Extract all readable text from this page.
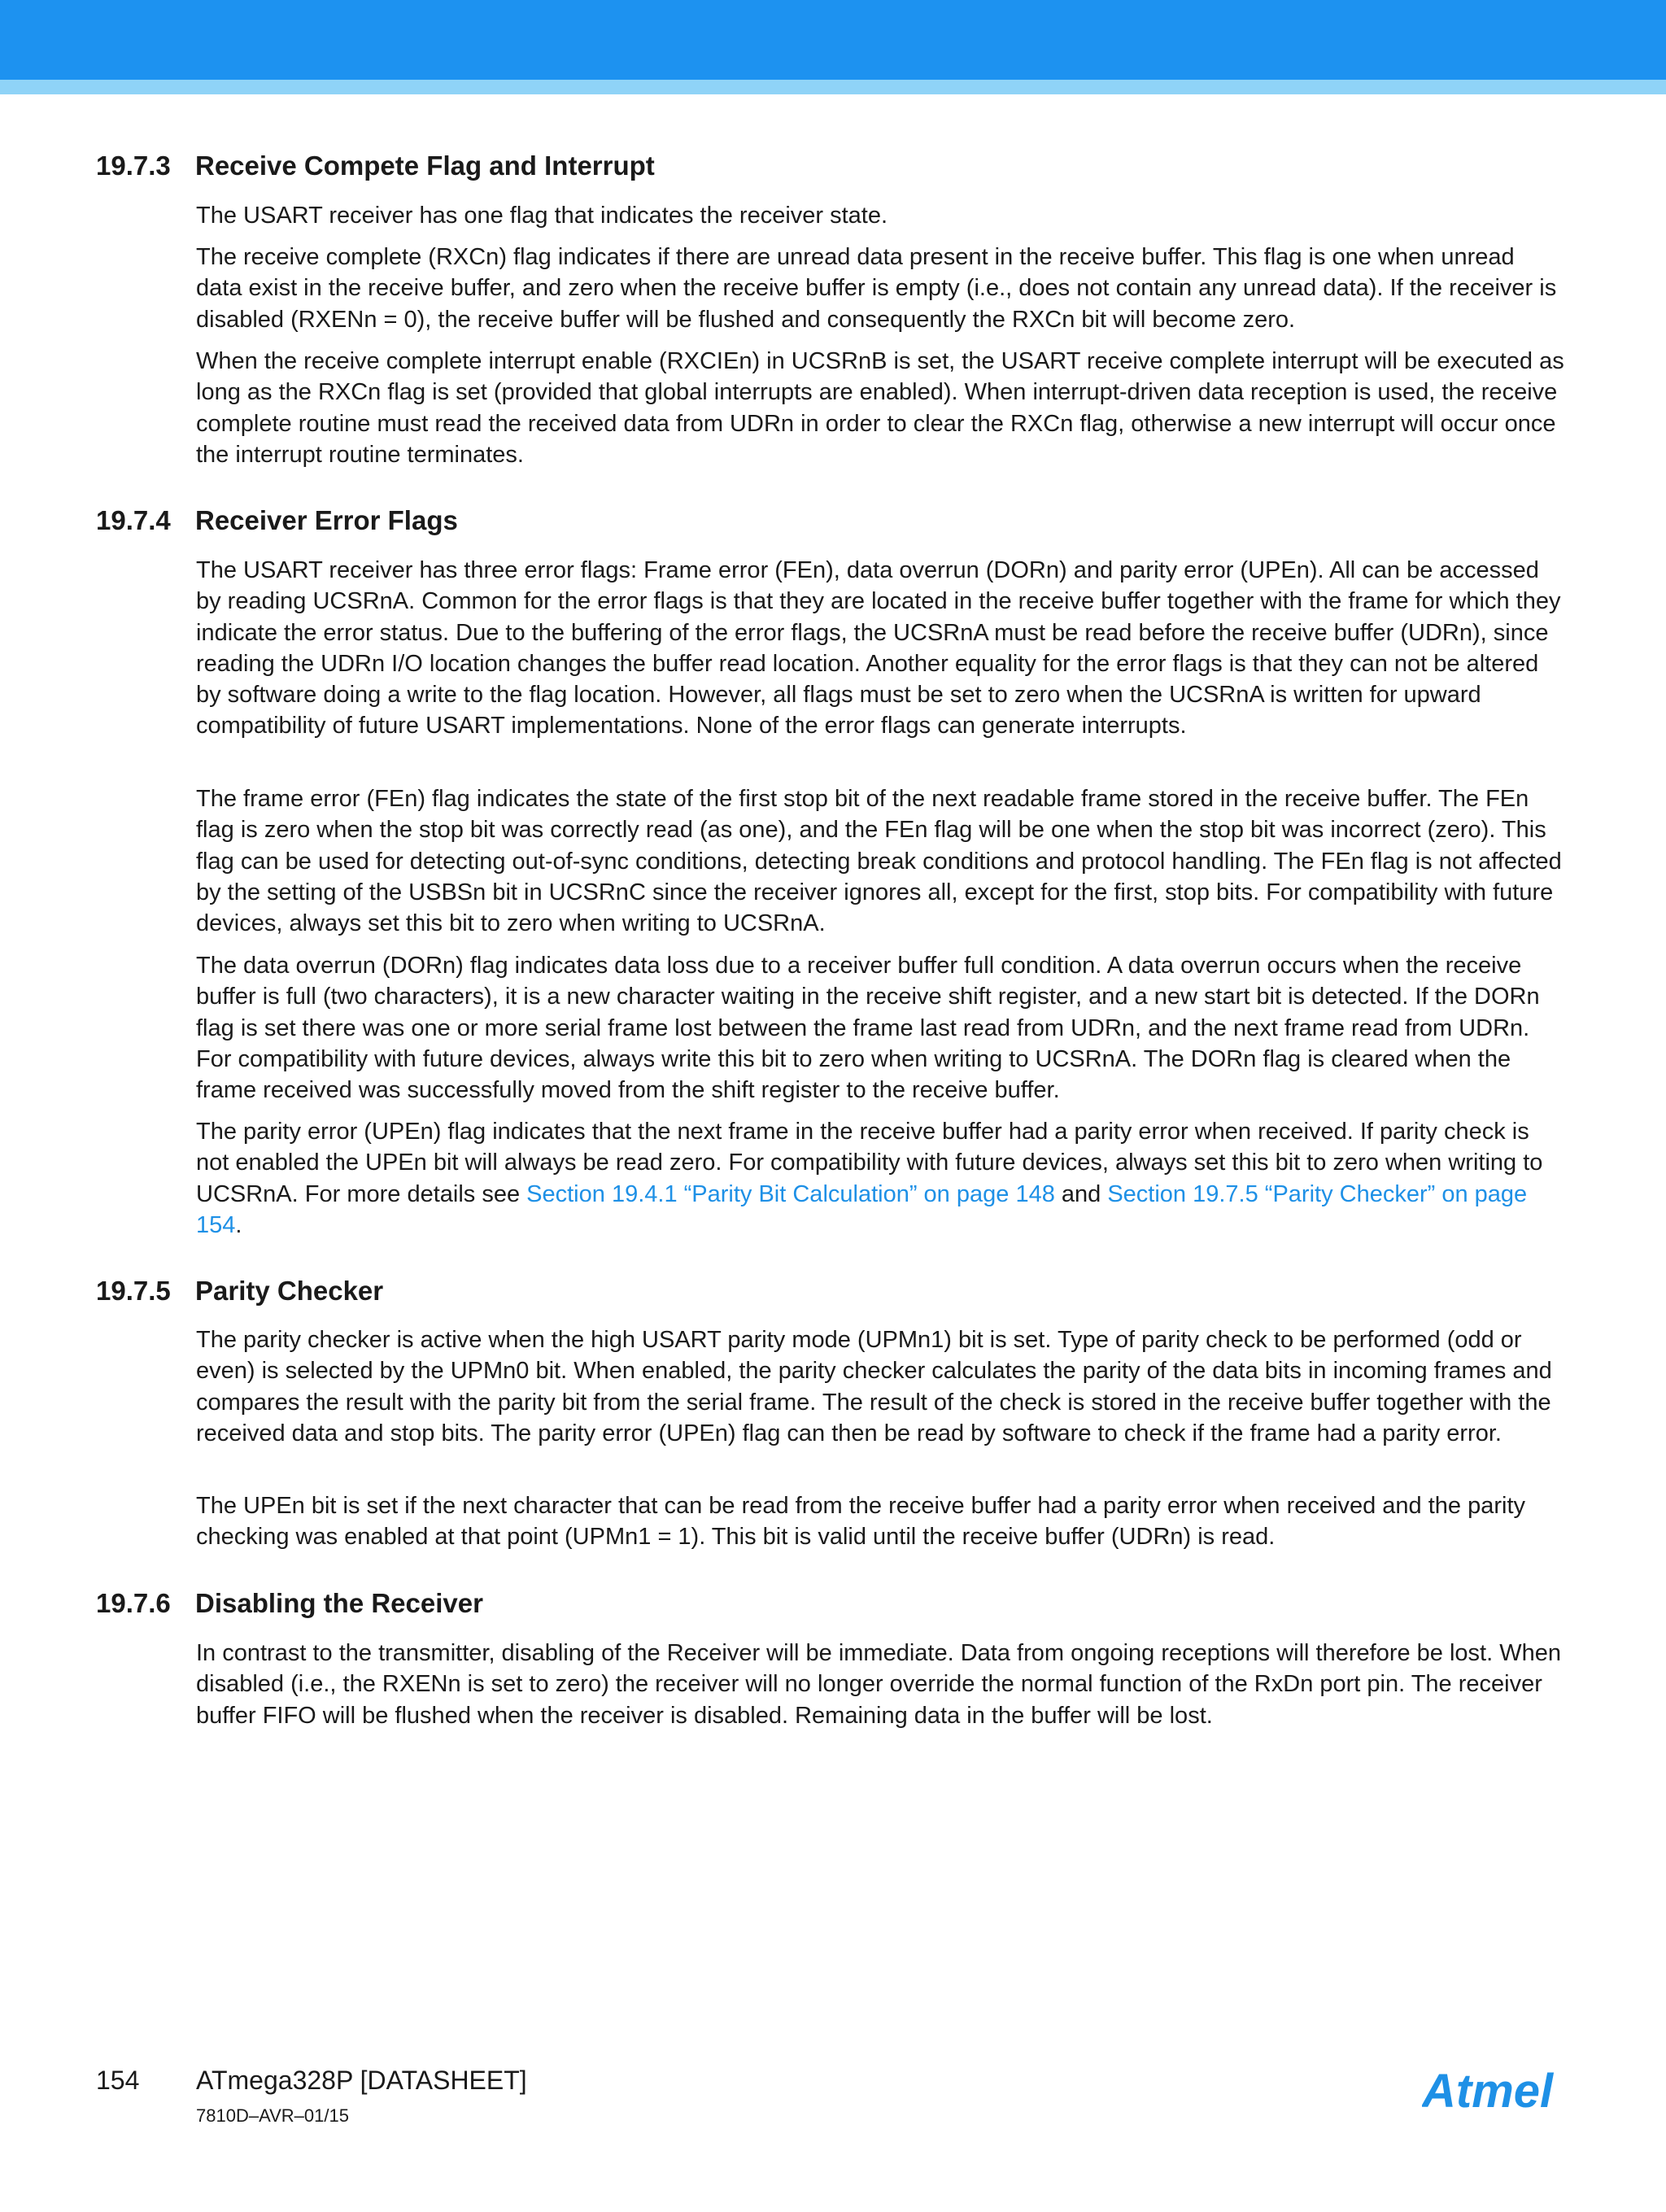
19.7.3 Receive Compete Flag and Interrupt

The USART receiver has one flag that indicates the receiver state.

The receive complete (RXCn) flag indicates if there are unread data present in the receive buffer. This flag is one when unread data exist in the receive buffer, and zero when the receive buffer is empty (i.e., does not contain any unread data). If the receiver is disabled (RXENn = 0), the receive buffer will be flushed and consequently the RXCn bit will become zero.

When the receive complete interrupt enable (RXCIEn) in UCSRnB is set, the USART receive complete interrupt will be executed as long as the RXCn flag is set (provided that global interrupts are enabled). When interrupt-driven data reception is used, the receive complete routine must read the received data from UDRn in order to clear the RXCn flag, otherwise a new interrupt will occur once the interrupt routine terminates.

19.7.4 Receiver Error Flags

The USART receiver has three error flags: Frame error (FEn), data overrun (DORn) and parity error (UPEn). All can be accessed by reading UCSRnA. Common for the error flags is that they are located in the receive buffer together with the frame for which they indicate the error status. Due to the buffering of the error flags, the UCSRnA must be read before the receive buffer (UDRn), since reading the UDRn I/O location changes the buffer read location. Another equality for the error flags is that they can not be altered by software doing a write to the flag location. However, all flags must be set to zero when the UCSRnA is written for upward compatibility of future USART implementations. None of the error flags can generate interrupts.

The frame error (FEn) flag indicates the state of the first stop bit of the next readable frame stored in the receive buffer. The FEn flag is zero when the stop bit was correctly read (as one), and the FEn flag will be one when the stop bit was incorrect (zero). This flag can be used for detecting out-of-sync conditions, detecting break conditions and protocol handling. The FEn flag is not affected by the setting of the USBSn bit in UCSRnC since the receiver ignores all, except for the first, stop bits. For compatibility with future devices, always set this bit to zero when writing to UCSRnA.

The data overrun (DORn) flag indicates data loss due to a receiver buffer full condition. A data overrun occurs when the receive buffer is full (two characters), it is a new character waiting in the receive shift register, and a new start bit is detected. If the DORn flag is set there was one or more serial frame lost between the frame last read from UDRn, and the next frame read from UDRn. For compatibility with future devices, always write this bit to zero when writing to UCSRnA. The DORn flag is cleared when the frame received was successfully moved from the shift register to the receive buffer.

The parity error (UPEn) flag indicates that the next frame in the receive buffer had a parity error when received. If parity check is not enabled the UPEn bit will always be read zero. For compatibility with future devices, always set this bit to zero when writing to UCSRnA. For more details see Section 19.4.1 “Parity Bit Calculation” on page 148 and Section 19.7.5 “Parity Checker” on page 154.

19.7.5 Parity Checker

The parity checker is active when the high USART parity mode (UPMn1) bit is set. Type of parity check to be performed (odd or even) is selected by the UPMn0 bit. When enabled, the parity checker calculates the parity of the data bits in incoming frames and compares the result with the parity bit from the serial frame. The result of the check is stored in the receive buffer together with the received data and stop bits. The parity error (UPEn) flag can then be read by software to check if the frame had a parity error.

The UPEn bit is set if the next character that can be read from the receive buffer had a parity error when received and the parity checking was enabled at that point (UPMn1 = 1). This bit is valid until the receive buffer (UDRn) is read.

19.7.6 Disabling the Receiver

In contrast to the transmitter, disabling of the Receiver will be immediate. Data from ongoing receptions will therefore be lost. When disabled (i.e., the RXENn is set to zero) the receiver will no longer override the normal function of the RxDn port pin. The receiver buffer FIFO will be flushed when the receiver is disabled. Remaining data in the buffer will be lost.

154 ATmega328P [DATASHEET]
7810D–AVR–01/15	Atmel
